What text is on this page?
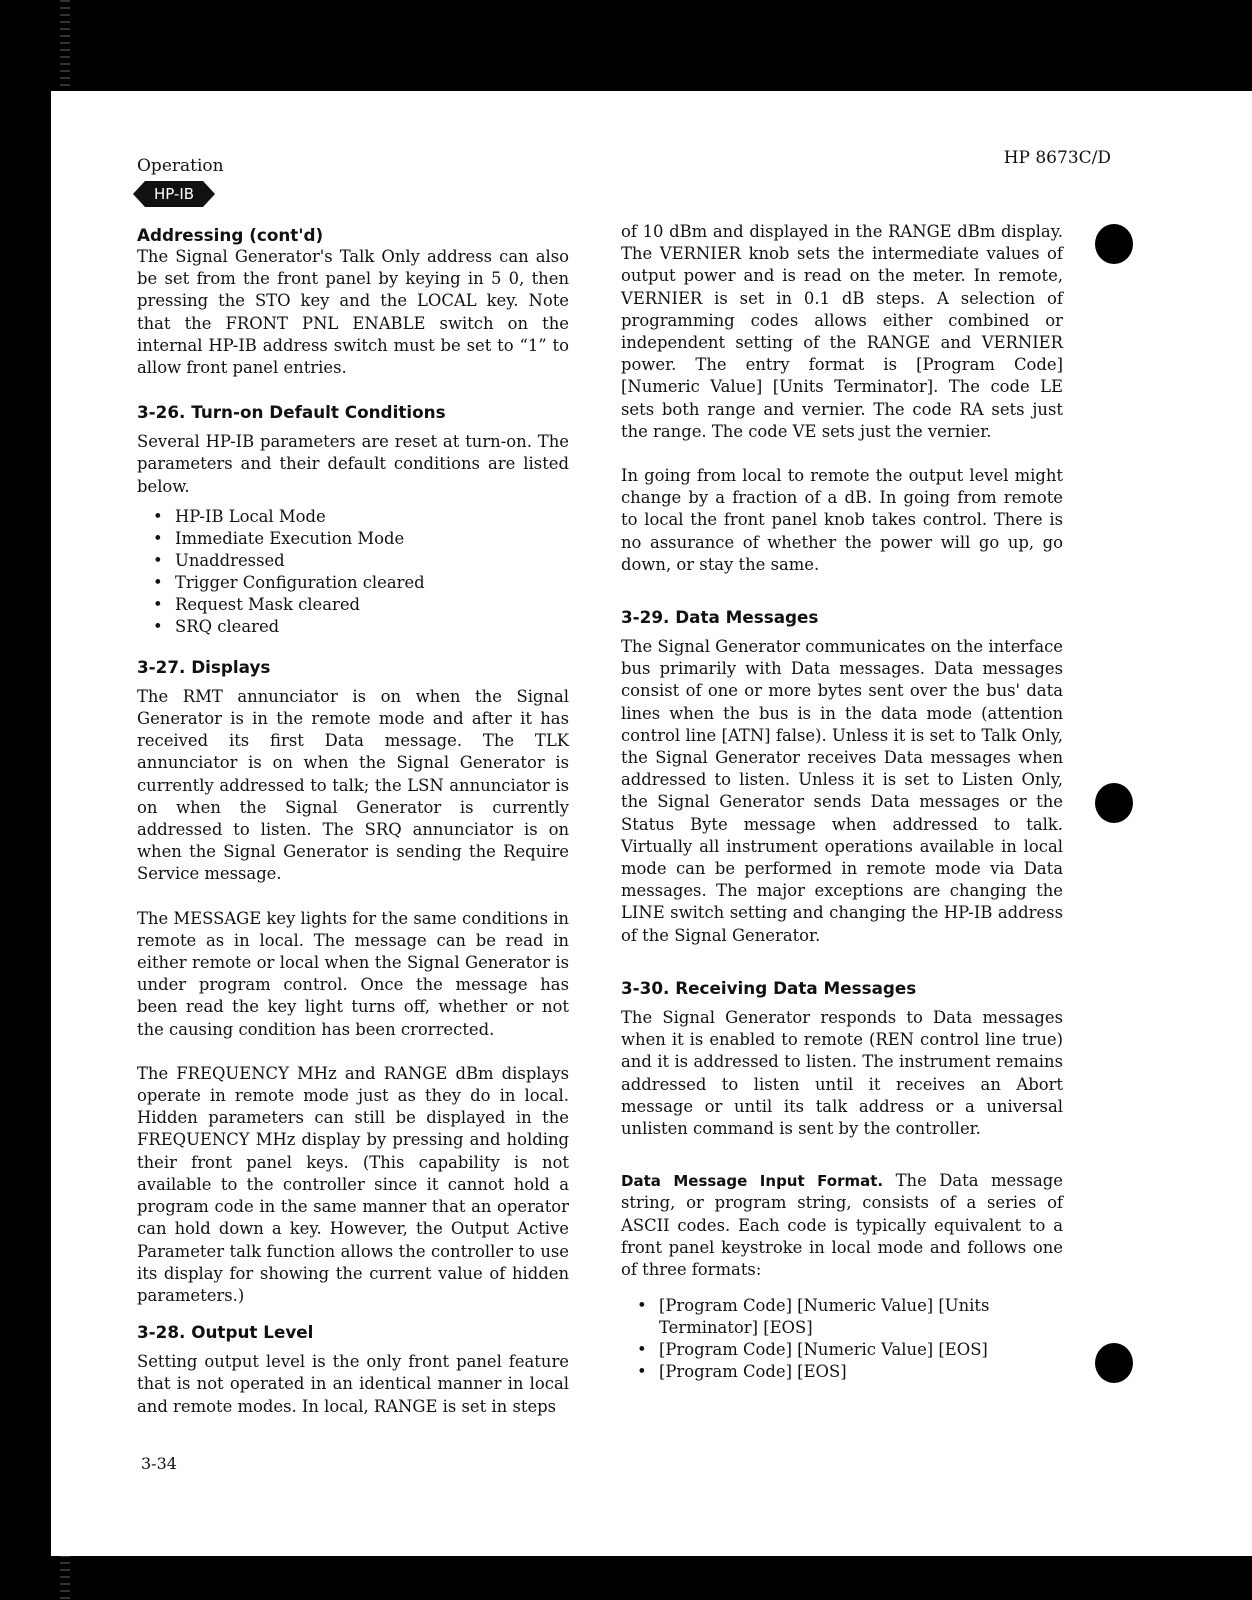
Operation
HP-IB
HP 8673C/D
Addressing (cont'd)

The Signal Generator's Talk Only address can also be set from the front panel by keying in 5 0, then pressing the STO key and the LOCAL key. Note that the FRONT PNL ENABLE switch on the internal HP-IB address switch must be set to “1” to allow front panel entries.

3-26. Turn-on Default Conditions

Several HP-IB parameters are reset at turn-on. The parameters and their default conditions are listed below.

• HP-IB Local Mode
• Immediate Execution Mode
• Unaddressed
• Trigger Configuration cleared
• Request Mask cleared
• SRQ cleared
3-27. Displays

The RMT annunciator is on when the Signal Generator is in the remote mode and after it has received its first Data message. The TLK annunciator is on when the Signal Generator is currently addressed to talk; the LSN annunciator is on when the Signal Generator is currently addressed to listen. The SRQ annunciator is on when the Signal Generator is sending the Require Service message.

The MESSAGE key lights for the same conditions in remote as in local. The message can be read in either remote or local when the Signal Generator is under program control. Once the message has been read the key light turns off, whether or not the causing condition has been crorrected.

The FREQUENCY MHz and RANGE dBm displays operate in remote mode just as they do in local. Hidden parameters can still be displayed in the FREQUENCY MHz display by pressing and holding their front panel keys. (This capability is not available to the controller since it cannot hold a program code in the same manner that an operator can hold down a key. However, the Output Active Parameter talk function allows the controller to use its display for showing the current value of hidden parameters.)

3-28. Output Level

Setting output level is the only front panel feature that is not operated in an identical manner in local and remote modes. In local, RANGE is set in steps

of 10 dBm and displayed in the RANGE dBm display. The VERNIER knob sets the intermediate values of output power and is read on the meter. In remote, VERNIER is set in 0.1 dB steps. A selection of programming codes allows either combined or independent setting of the RANGE and VERNIER power. The entry format is [Program Code] [Numeric Value] [Units Terminator]. The code LE sets both range and vernier. The code RA sets just the range. The code VE sets just the vernier.

In going from local to remote the output level might change by a fraction of a dB. In going from remote to local the front panel knob takes control. There is no assurance of whether the power will go up, go down, or stay the same.

3-29. Data Messages

The Signal Generator communicates on the interface bus primarily with Data messages. Data messages consist of one or more bytes sent over the bus' data lines when the bus is in the data mode (attention control line [ATN] false). Unless it is set to Talk Only, the Signal Generator receives Data messages when addressed to listen. Unless it is set to Listen Only, the Signal Generator sends Data messages or the Status Byte message when addressed to talk. Virtually all instrument operations available in local mode can be performed in remote mode via Data messages. The major exceptions are changing the LINE switch setting and changing the HP-IB address of the Signal Generator.

3-30. Receiving Data Messages

The Signal Generator responds to Data messages when it is enabled to remote (REN control line true) and it is addressed to listen. The instrument remains addressed to listen until it receives an Abort message or until its talk address or a universal unlisten command is sent by the controller.

Data Message Input Format. The Data message string, or program string, consists of a series of ASCII codes. Each code is typically equivalent to a front panel keystroke in local mode and follows one of three formats:

• [Program Code] [Numeric Value] [Units Terminator] [EOS]
• [Program Code] [Numeric Value] [EOS]
• [Program Code] [EOS]
3-34
